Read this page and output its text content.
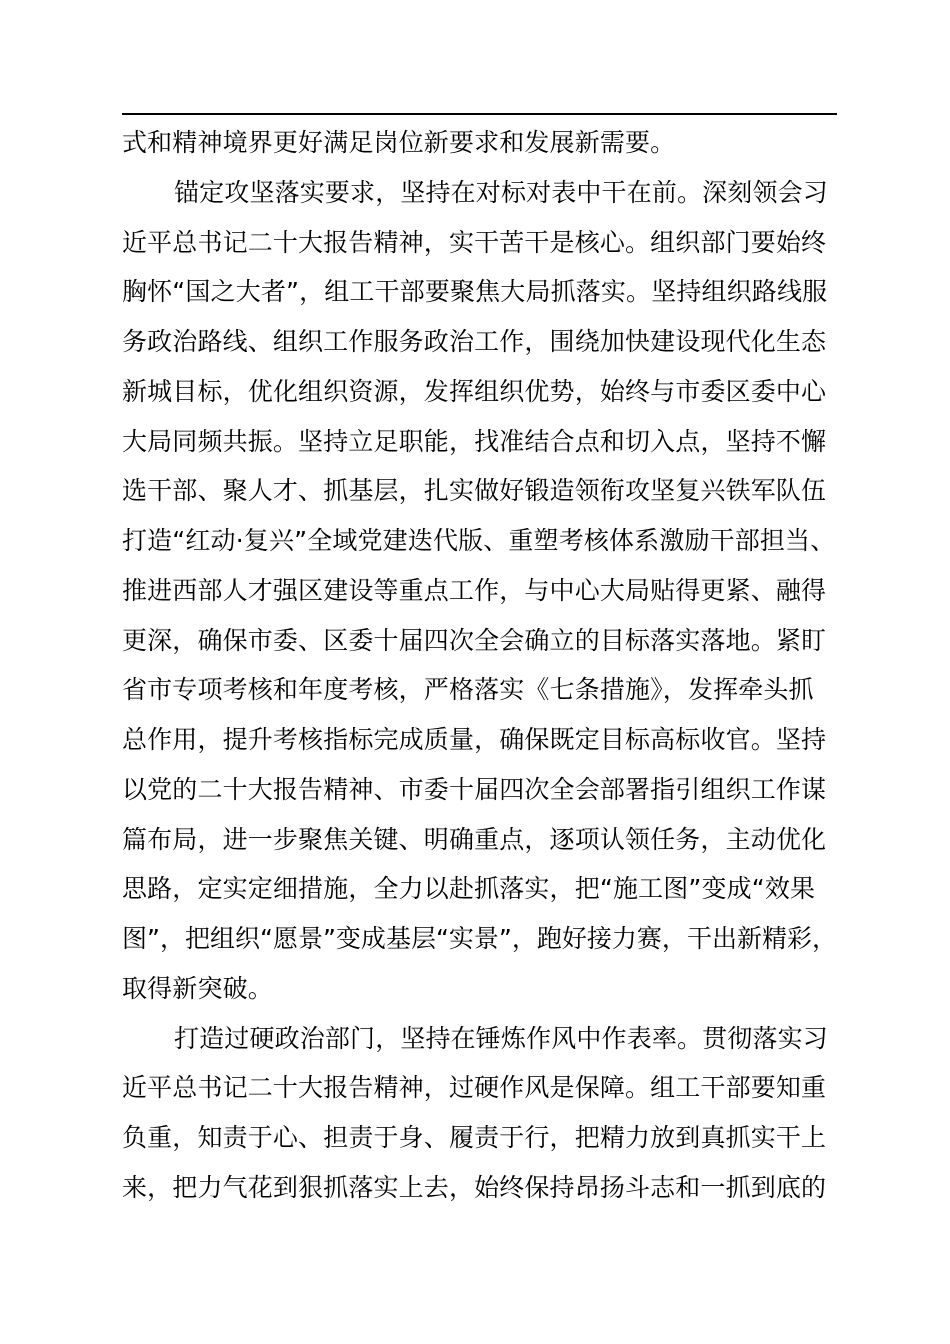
式和精神境界更好满足岗位新要求和发展新需要。
锚定攻坚落实要求，坚持在对标对表中干在前。深刻领会习
近平总书记二十大报告精神，实干苦干是核心。组织部门要始终
胸怀“国之大者”，组工干部要聚焦大局抓落实。坚持组织路线服
务政治路线、组织工作服务政治工作，围绕加快建设现代化生态
新城目标，优化组织资源，发挥组织优势，始终与市委区委中心
大局同频共振。坚持立足职能，找准结合点和切入点，坚持不懈
选干部、聚人才、抓基层，扎实做好锻造领衔攻坚复兴铁军队伍
打造“红动·复兴”全域党建迭代版、重塑考核体系激励干部担当、
推进西部人才强区建设等重点工作，与中心大局贴得更紧、融得
更深，确保市委、区委十届四次全会确立的目标落实落地。紧盯
省市专项考核和年度考核，严格落实《七条措施》，发挥牵头抓
总作用，提升考核指标完成质量，确保既定目标高标收官。坚持
以党的二十大报告精神、市委十届四次全会部署指引组织工作谋
篇布局，进一步聚焦关键、明确重点，逐项认领任务，主动优化
思路，定实定细措施，全力以赴抓落实，把“施工图”变成“效果
图”，把组织“愿景”变成基层“实景”，跑好接力赛，干出新精彩，
取得新突破。
打造过硬政治部门，坚持在锤炼作风中作表率。贯彻落实习
近平总书记二十大报告精神，过硬作风是保障。组工干部要知重
负重，知责于心、担责于身、履责于行，把精力放到真抓实干上
来，把力气花到狠抓落实上去，始终保持昂扬斗志和一抓到底的
